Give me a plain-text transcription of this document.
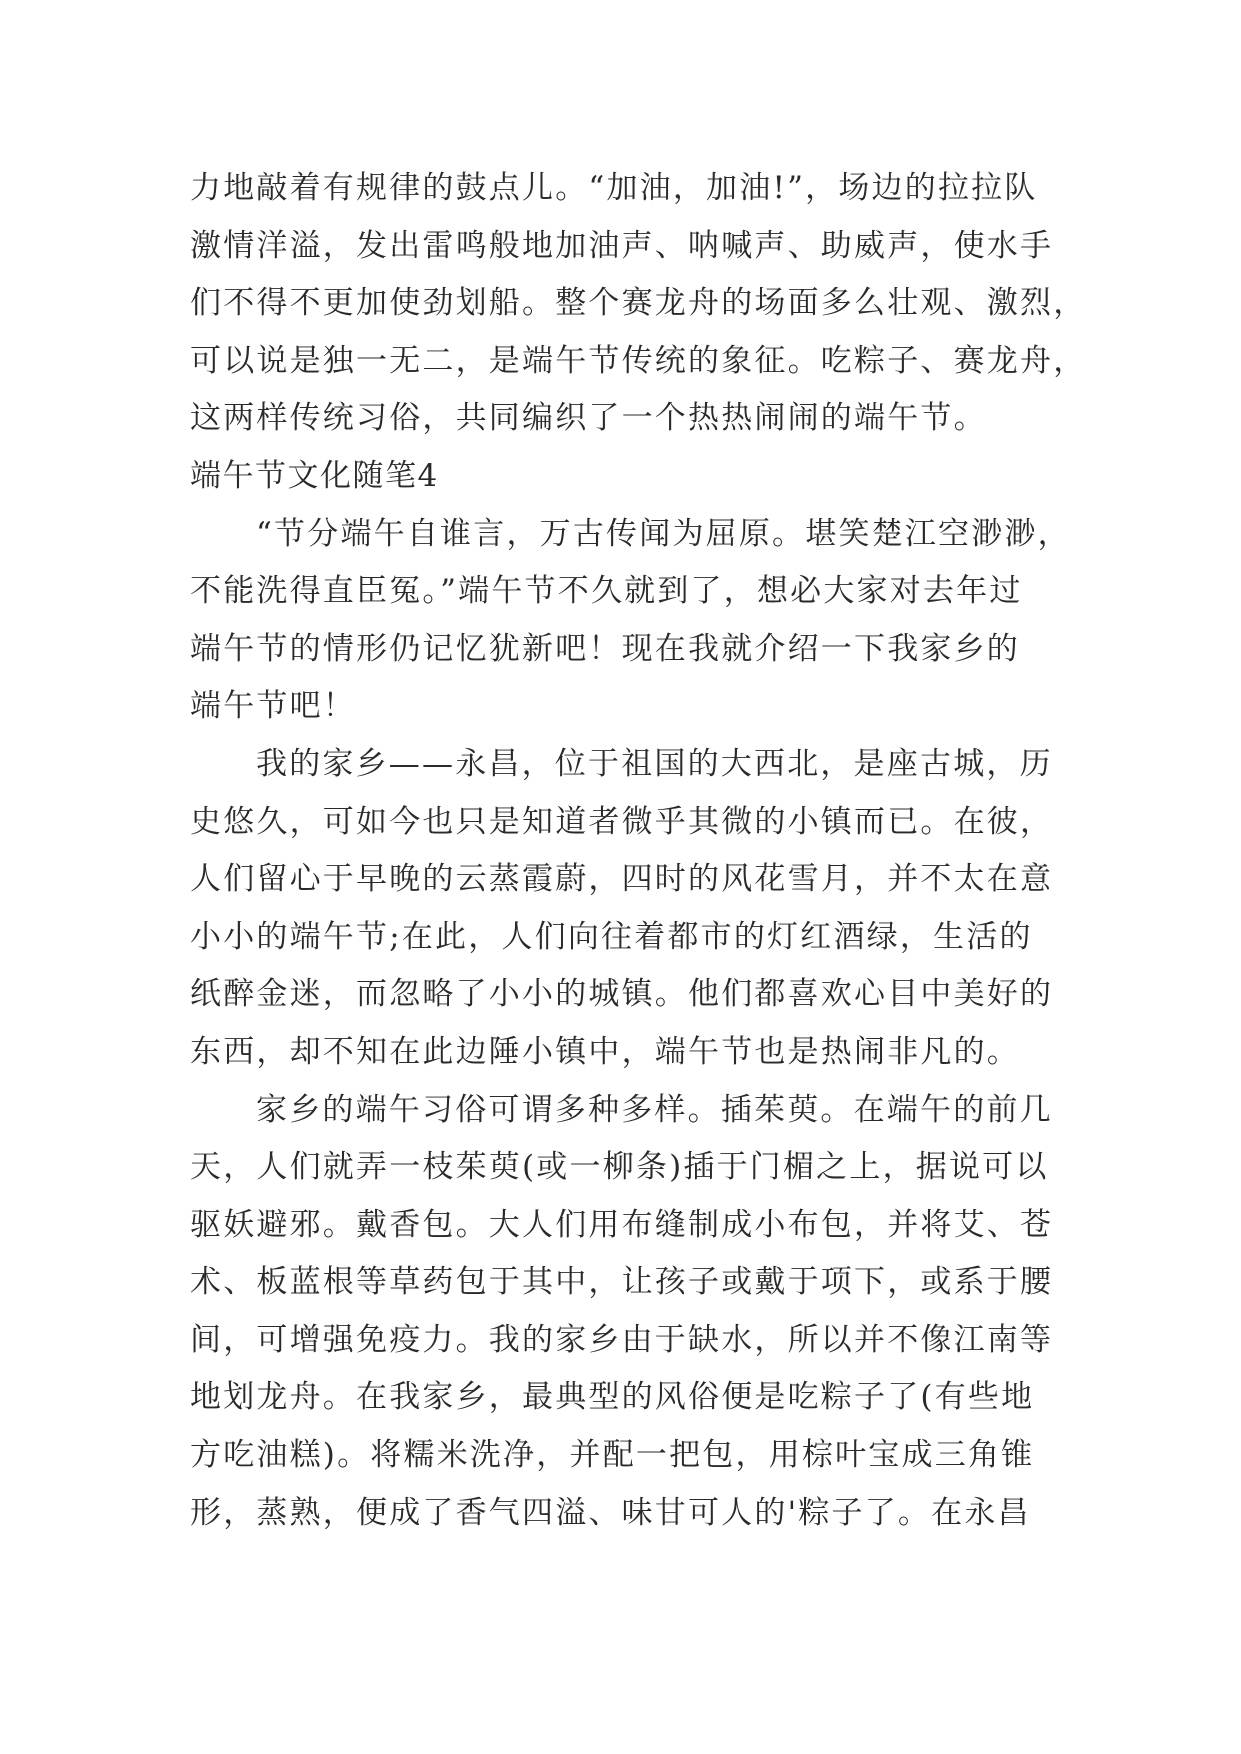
力地敲着有规律的鼓点儿。“加油，加油!”，场边的拉拉队
激情洋溢，发出雷鸣般地加油声、呐喊声、助威声，使水手
们不得不更加使劲划船。整个赛龙舟的场面多么壮观、激烈，
可以说是独一无二，是端午节传统的象征。吃粽子、赛龙舟，
这两样传统习俗，共同编织了一个热热闹闹的端午节。
端午节文化随笔4
“节分端午自谁言，万古传闻为屈原。堪笑楚江空渺渺，
不能洗得直臣冤。”端午节不久就到了，想必大家对去年过
端午节的情形仍记忆犹新吧！现在我就介绍一下我家乡的
端午节吧！
我的家乡——永昌，位于祖国的大西北，是座古城，历
史悠久，可如今也只是知道者微乎其微的小镇而已。在彼，
人们留心于早晚的云蒸霞蔚，四时的风花雪月，并不太在意
小小的端午节;在此，人们向往着都市的灯红酒绿，生活的
纸醉金迷，而忽略了小小的城镇。他们都喜欢心目中美好的
东西，却不知在此边陲小镇中，端午节也是热闹非凡的。
家乡的端午习俗可谓多种多样。插茱萸。在端午的前几
天，人们就弄一枝茱萸(或一柳条)插于门楣之上，据说可以
驱妖避邪。戴香包。大人们用布缝制成小布包，并将艾、苍
术、板蓝根等草药包于其中，让孩子或戴于项下，或系于腰
间，可增强免疫力。我的家乡由于缺水，所以并不像江南等
地划龙舟。在我家乡，最典型的风俗便是吃粽子了(有些地
方吃油糕)。将糯米洗净，并配一把包，用棕叶宝成三角锥
形，蒸熟，便成了香气四溢、味甘可人的'粽子了。在永昌
